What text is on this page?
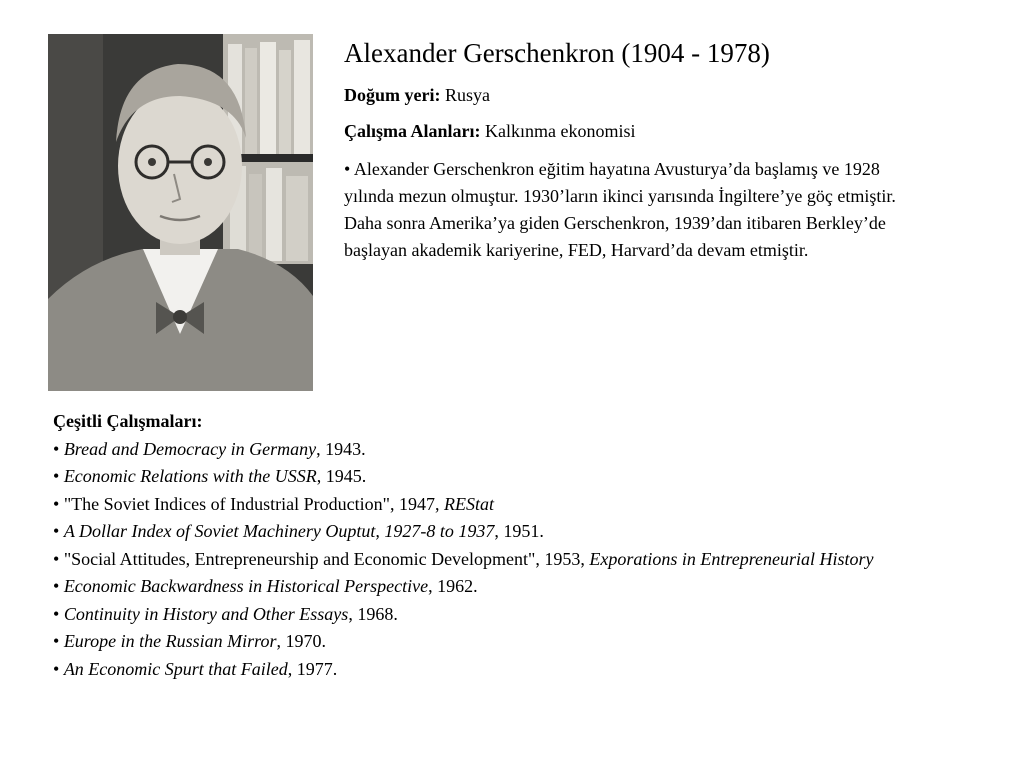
Alexander Gerschenkron (1904 - 1978)

Doğum yeri: Rusya

Çalışma Alanları: Kalkınma ekonomisi

• Alexander Gerschenkron eğitim hayatına Avusturya’da başlamış ve 1928 yılında mezun olmuştur. 1930’ların ikinci yarısında İngiltere’ye göç etmiştir. Daha sonra Amerika’ya giden Gerschenkron, 1939’dan itibaren Berkley’de başlayan akademik kariyerine, FED, Harvard’da devam etmiştir.

Çeşitli Çalışmaları:
• Bread and Democracy in Germany, 1943.
• Economic Relations with the USSR, 1945.
• "The Soviet Indices of Industrial Production", 1947, REStat
• A Dollar Index of Soviet Machinery Ouptut, 1927-8 to 1937, 1951.
• "Social Attitudes, Entrepreneurship and Economic Development", 1953, Exporations in Entrepreneurial History
• Economic Backwardness in Historical Perspective, 1962.
• Continuity in History and Other Essays, 1968.
• Europe in the Russian Mirror, 1970.
• An Economic Spurt that Failed, 1977.
